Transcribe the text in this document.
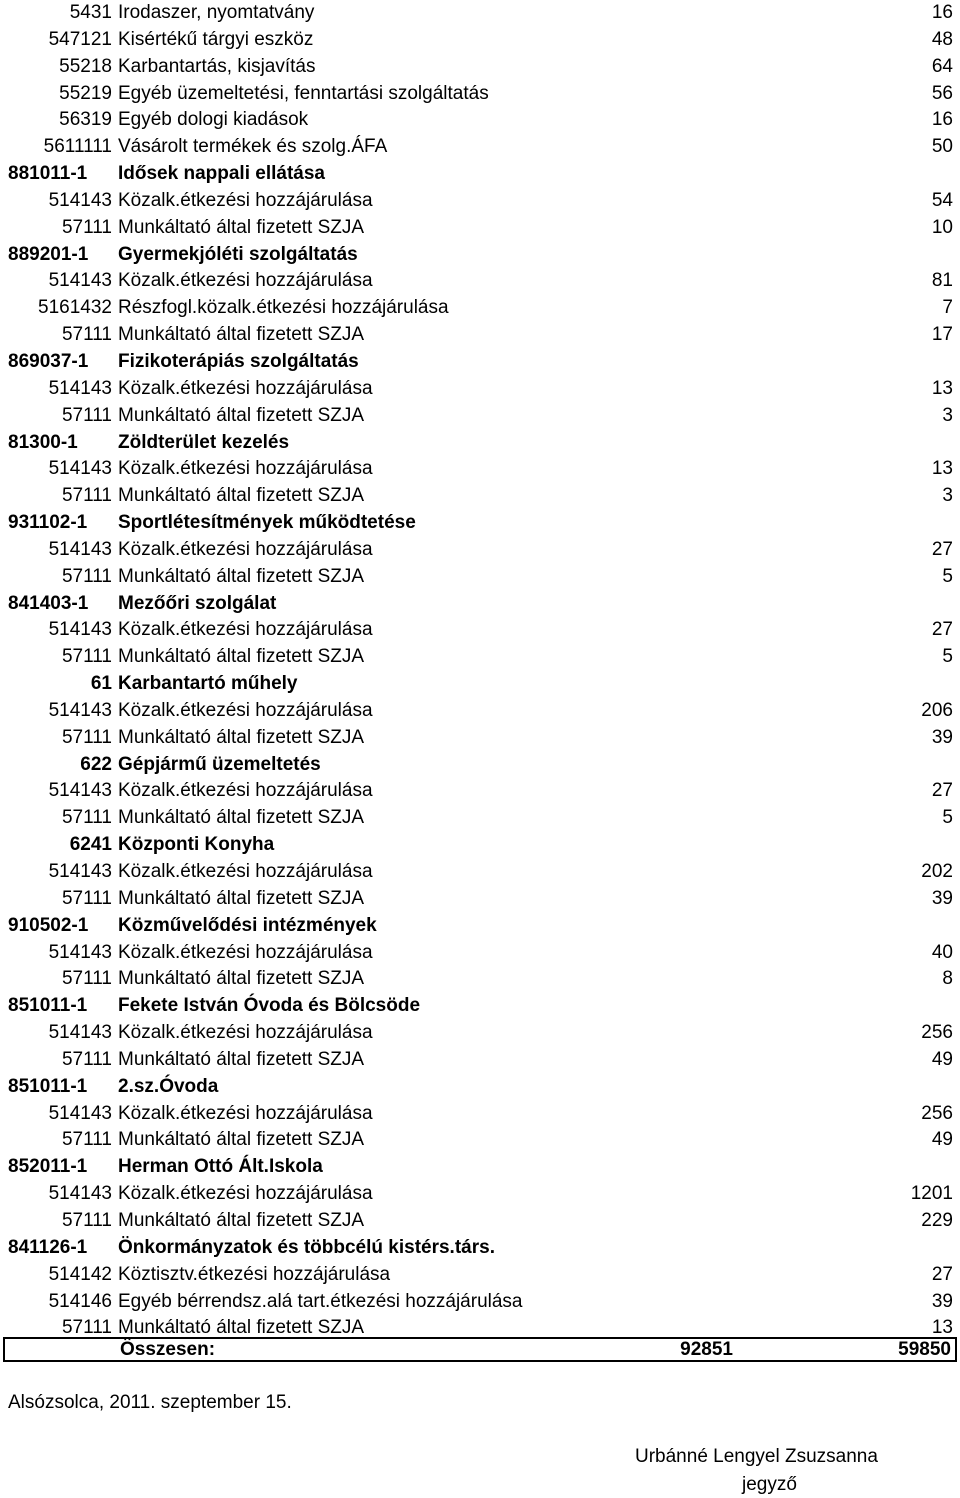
5431 Irodaszer, nyomtatvány	16
547121 Kisértékű tárgyi eszköz	48
55218 Karbantartás, kisjavítás	64
55219 Egyéb üzemeltetési, fenntartási szolgáltatás	56
56319 Egyéb dologi kiadások	16
5611111 Vásárolt termékek és szolg.ÁFA	50
881011-1 Idősek nappali ellátása
514143 Közalk.étkezési hozzájárulása	54
57111 Munkáltató által fizetett SZJA	10
889201-1 Gyermekjóléti szolgáltatás
514143 Közalk.étkezési hozzájárulása	81
5161432 Részfogl.közalk.étkezési hozzájárulása	7
57111 Munkáltató által fizetett SZJA	17
869037-1 Fizikoterápiás szolgáltatás
514143 Közalk.étkezési hozzájárulása	13
57111 Munkáltató által fizetett SZJA	3
81300-1 Zöldterület kezelés
514143 Közalk.étkezési hozzájárulása	13
57111 Munkáltató által fizetett SZJA	3
931102-1 Sportlétesítmények működtetése
514143 Közalk.étkezési hozzájárulása	27
57111 Munkáltató által fizetett SZJA	5
841403-1 Mezőőri szolgálat
514143 Közalk.étkezési hozzájárulása	27
57111 Munkáltató által fizetett SZJA	5
61 Karbantartó műhely
514143 Közalk.étkezési hozzájárulása	206
57111 Munkáltató által fizetett SZJA	39
622 Gépjármű üzemeltetés
514143 Közalk.étkezési hozzájárulása	27
57111 Munkáltató által fizetett SZJA	5
6241 Központi Konyha
514143 Közalk.étkezési hozzájárulása	202
57111 Munkáltató által fizetett SZJA	39
910502-1 Közművelődési intézmények
514143 Közalk.étkezési hozzájárulása	40
57111 Munkáltató által fizetett SZJA	8
851011-1 Fekete István Óvoda és Bölcsöde
514143 Közalk.étkezési hozzájárulása	256
57111 Munkáltató által fizetett SZJA	49
851011-1 2.sz.Óvoda
514143 Közalk.étkezési hozzájárulása	256
57111 Munkáltató által fizetett SZJA	49
852011-1 Herman Ottó Ált.Iskola
514143 Közalk.étkezési hozzájárulása	1201
57111 Munkáltató által fizetett SZJA	229
841126-1 Önkormányzatok és többcélú kistérs.társ.
514142 Köztisztv.étkezési hozzájárulása	27
514146 Egyéb bérrendsz.alá tart.étkezési hozzájárulása	39
57111 Munkáltató által fizetett SZJA	13
Összesen:	92851	59850
Alsózsolca, 2011. szeptember 15.
Urbánné Lengyel Zsuzsanna
jegyző
